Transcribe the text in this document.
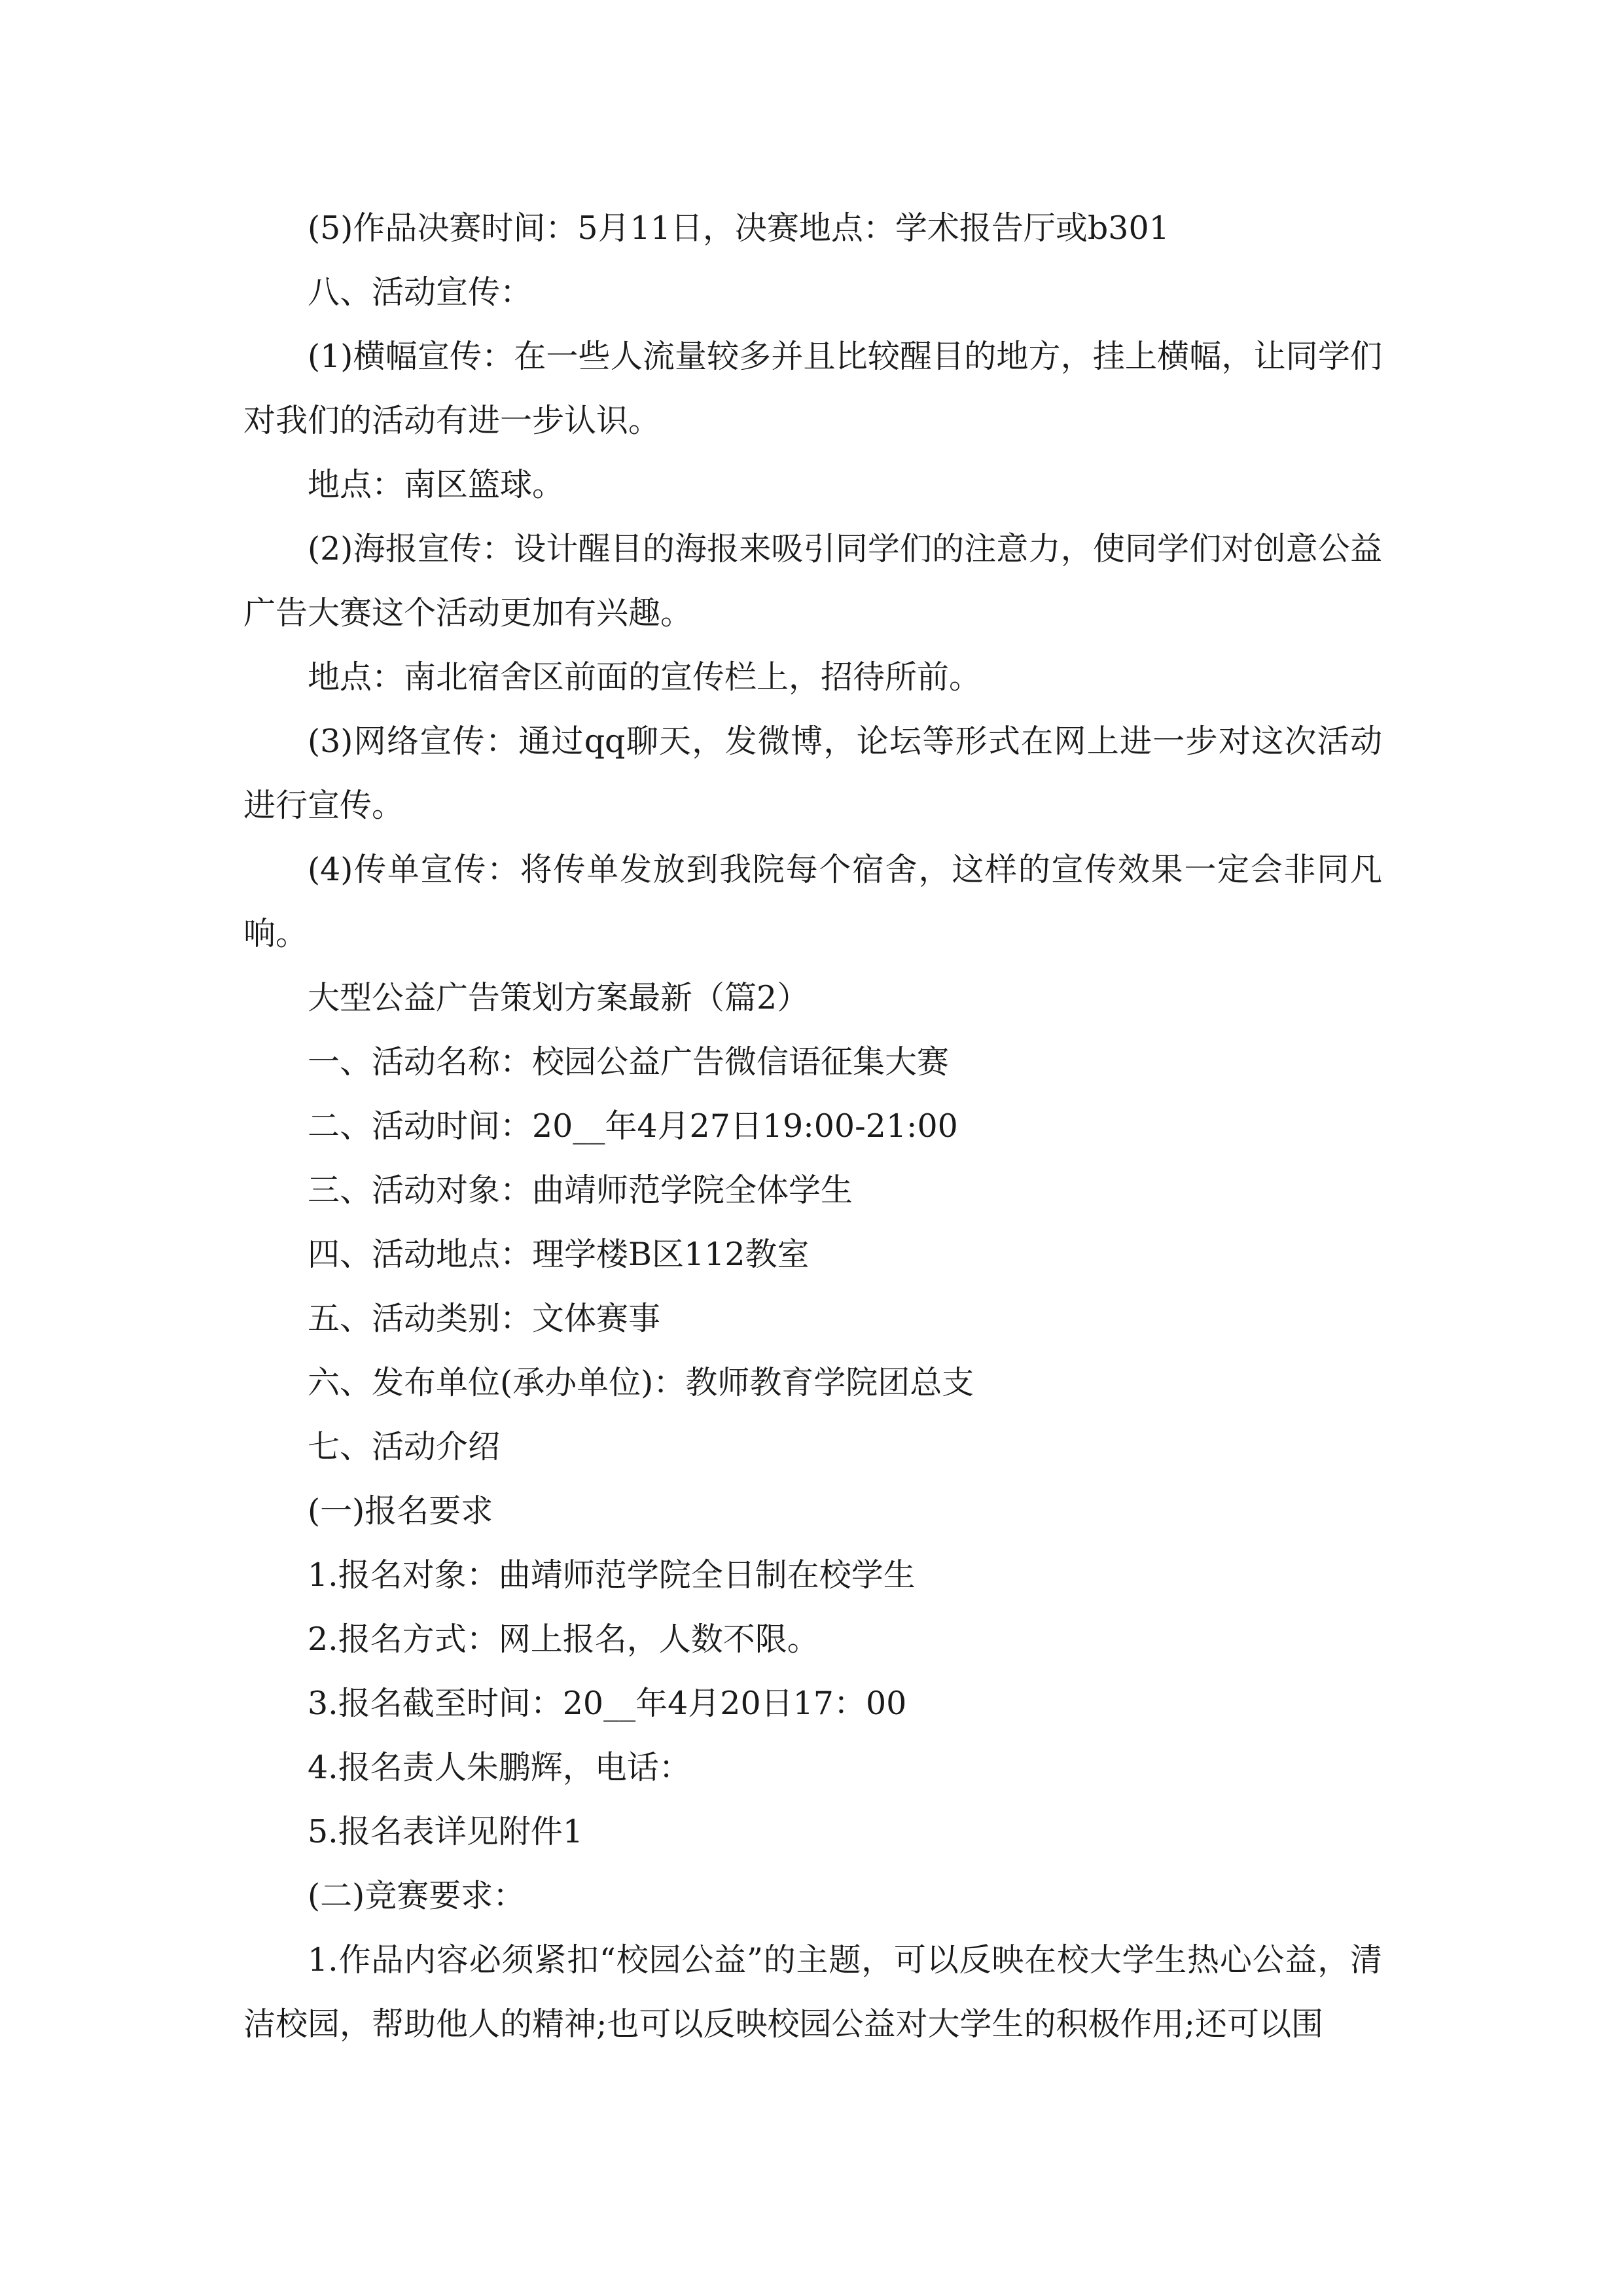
(5)作品决赛时间：5月11日，决赛地点：学术报告厅或b301

八、活动宣传：

(1)横幅宣传：在一些人流量较多并且比较醒目的地方，挂上横幅，让同学们对我们的活动有进一步认识。

地点：南区篮球。

(2)海报宣传：设计醒目的海报来吸引同学们的注意力，使同学们对创意公益广告大赛这个活动更加有兴趣。

地点：南北宿舍区前面的宣传栏上，招待所前。

(3)网络宣传：通过qq聊天，发微博，论坛等形式在网上进一步对这次活动进行宣传。

(4)传单宣传：将传单发放到我院每个宿舍，这样的宣传效果一定会非同凡响。

大型公益广告策划方案最新（篇2）

一、活动名称：校园公益广告微信语征集大赛

二、活动时间：20__年4月27日19:00-21:00

三、活动对象：曲靖师范学院全体学生

四、活动地点：理学楼B区112教室

五、活动类别：文体赛事

六、发布单位(承办单位)：教师教育学院团总支

七、活动介绍

(一)报名要求

1.报名对象：曲靖师范学院全日制在校学生

2.报名方式：网上报名，人数不限。

3.报名截至时间：20__年4月20日17：00

4.报名责人朱鹏辉，电话：

5.报名表详见附件1

(二)竞赛要求：

1.作品内容必须紧扣“校园公益”的主题，可以反映在校大学生热心公益，清洁校园，帮助他人的精神;也可以反映校园公益对大学生的积极作用;还可以围
